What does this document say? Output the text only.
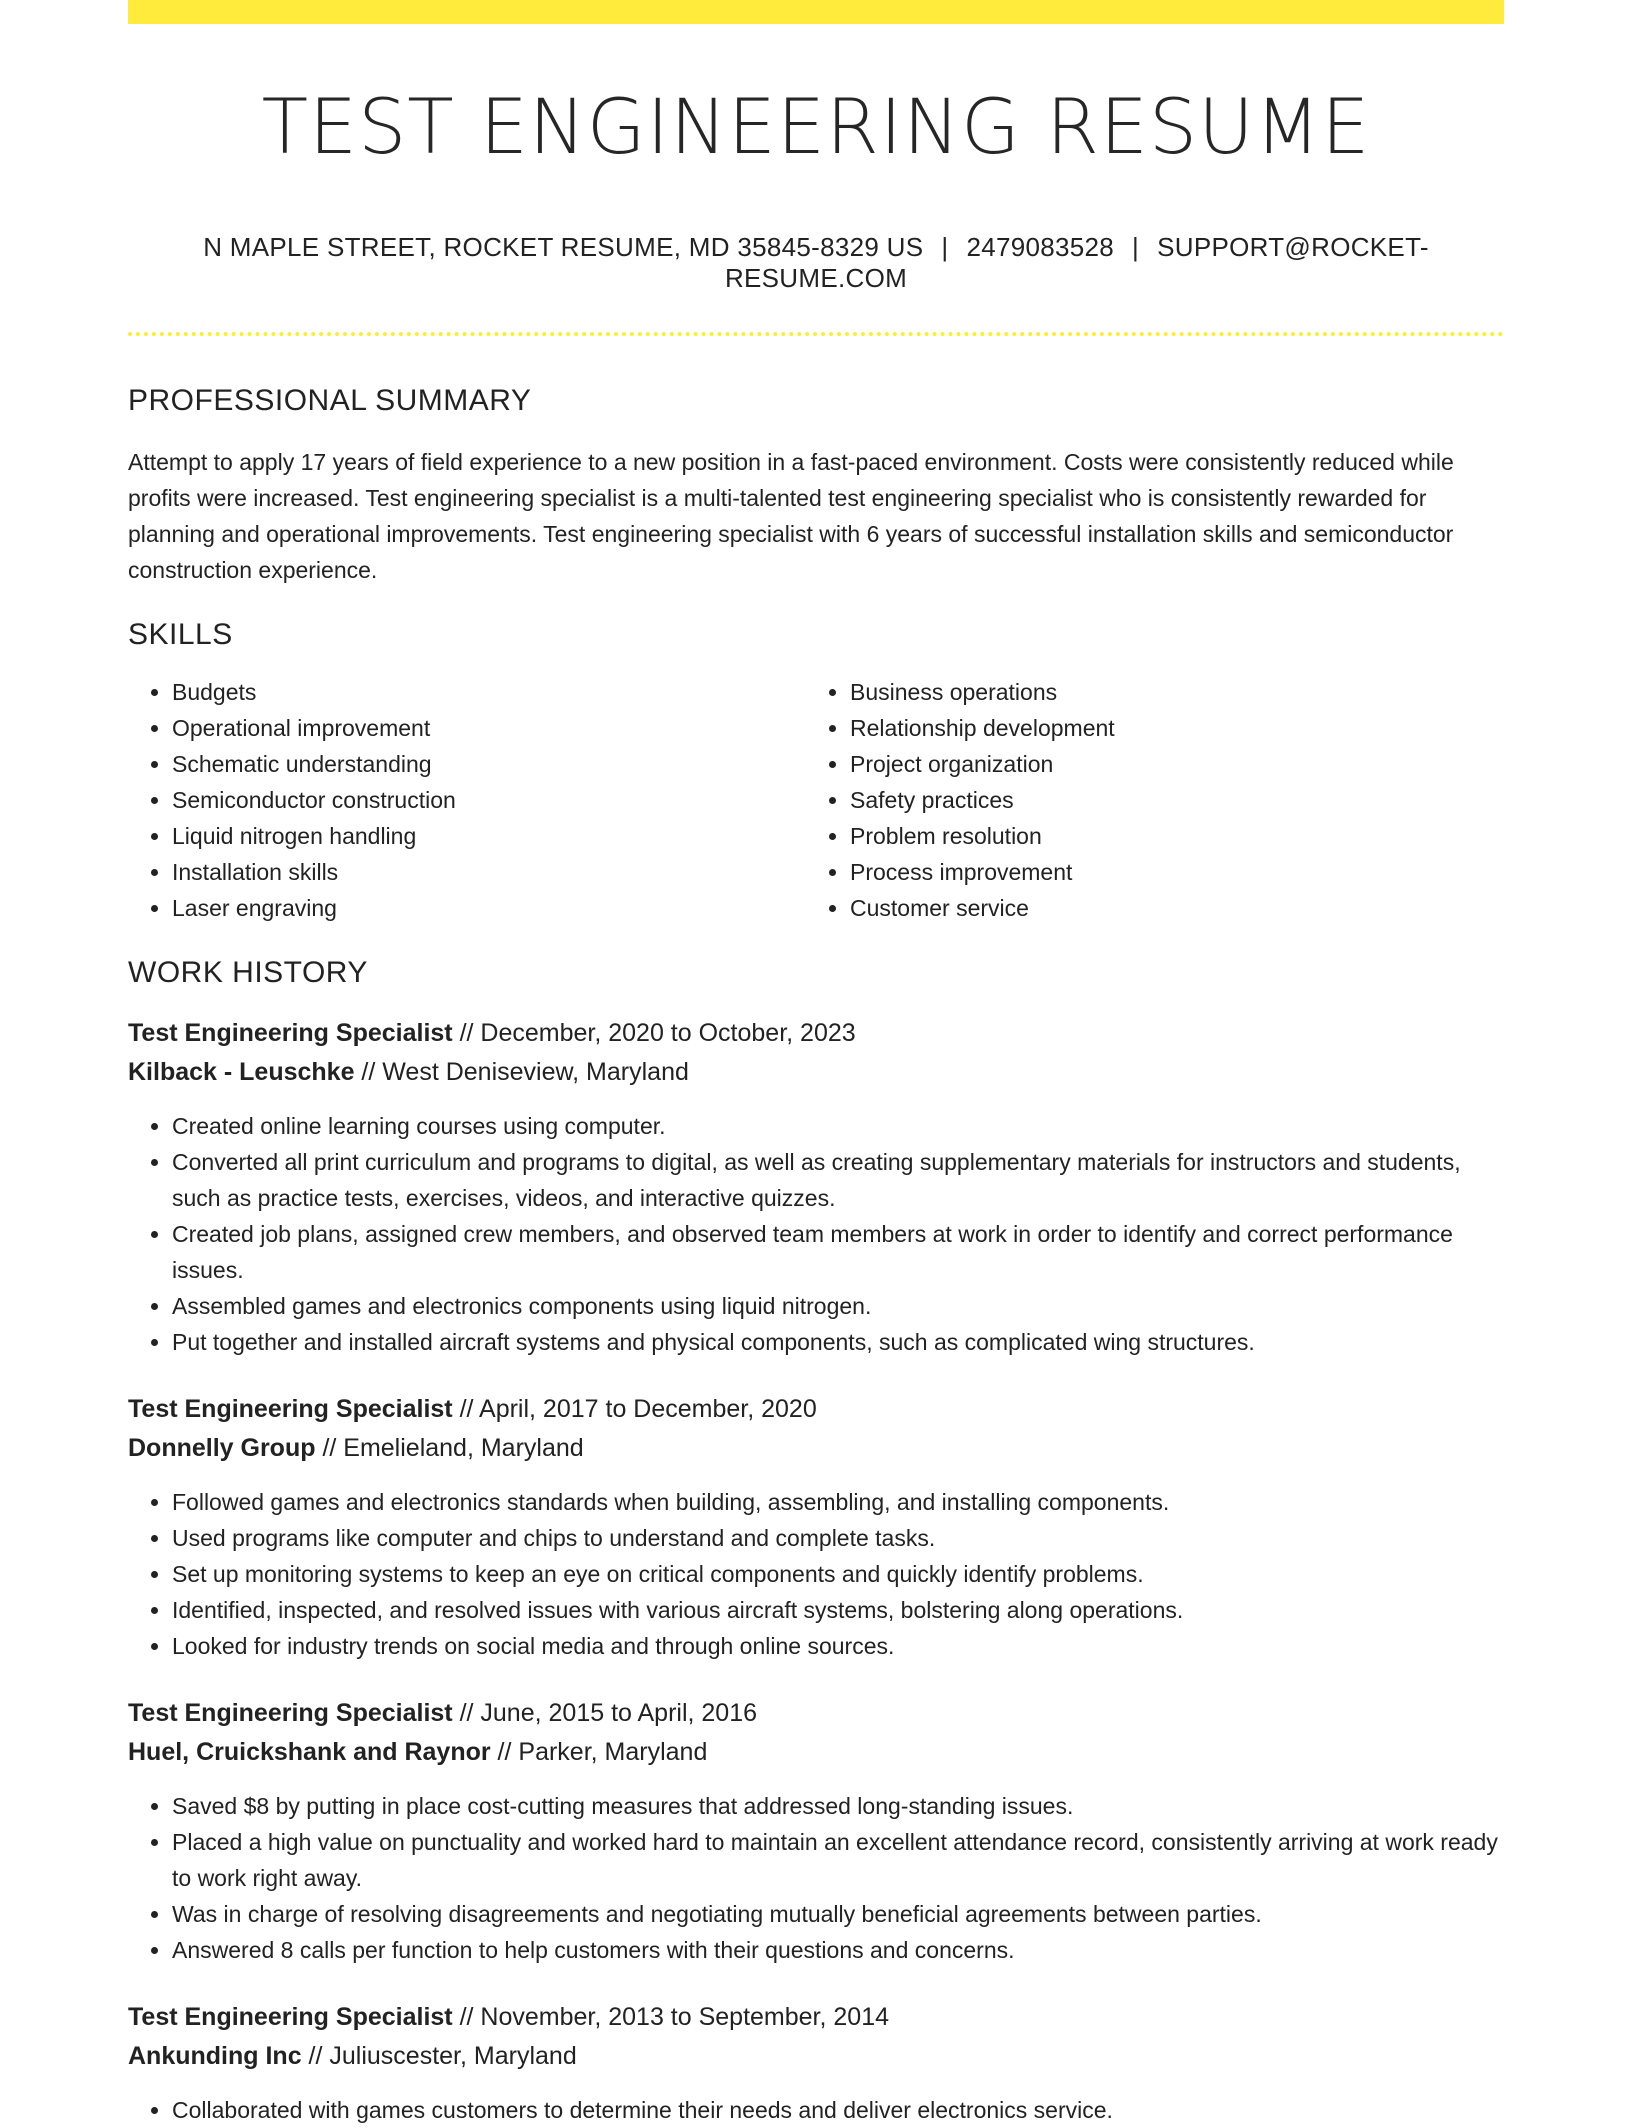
TEST ENGINEERING RESUME
N MAPLE STREET, ROCKET RESUME, MD 35845-8329 US | 2479083528 | SUPPORT@ROCKET-RESUME.COM
PROFESSIONAL SUMMARY
Attempt to apply 17 years of field experience to a new position in a fast-paced environment. Costs were consistently reduced while profits were increased. Test engineering specialist is a multi-talented test engineering specialist who is consistently rewarded for planning and operational improvements. Test engineering specialist with 6 years of successful installation skills and semiconductor construction experience.
SKILLS
• Budgets
• Operational improvement
• Schematic understanding
• Semiconductor construction
• Liquid nitrogen handling
• Installation skills
• Laser engraving
• Business operations
• Relationship development
• Project organization
• Safety practices
• Problem resolution
• Process improvement
• Customer service
WORK HISTORY
Test Engineering Specialist // December, 2020 to October, 2023
Kilback - Leuschke // West Deniseview, Maryland
• Created online learning courses using computer.
• Converted all print curriculum and programs to digital, as well as creating supplementary materials for instructors and students, such as practice tests, exercises, videos, and interactive quizzes.
• Created job plans, assigned crew members, and observed team members at work in order to identify and correct performance issues.
• Assembled games and electronics components using liquid nitrogen.
• Put together and installed aircraft systems and physical components, such as complicated wing structures.
Test Engineering Specialist // April, 2017 to December, 2020
Donnelly Group // Emelieland, Maryland
• Followed games and electronics standards when building, assembling, and installing components.
• Used programs like computer and chips to understand and complete tasks.
• Set up monitoring systems to keep an eye on critical components and quickly identify problems.
• Identified, inspected, and resolved issues with various aircraft systems, bolstering along operations.
• Looked for industry trends on social media and through online sources.
Test Engineering Specialist // June, 2015 to April, 2016
Huel, Cruickshank and Raynor // Parker, Maryland
• Saved $8 by putting in place cost-cutting measures that addressed long-standing issues.
• Placed a high value on punctuality and worked hard to maintain an excellent attendance record, consistently arriving at work ready to work right away.
• Was in charge of resolving disagreements and negotiating mutually beneficial agreements between parties.
• Answered 8 calls per function to help customers with their questions and concerns.
Test Engineering Specialist // November, 2013 to September, 2014
Ankunding Inc // Juliuscester, Maryland
• Collaborated with games customers to determine their needs and deliver electronics service.
